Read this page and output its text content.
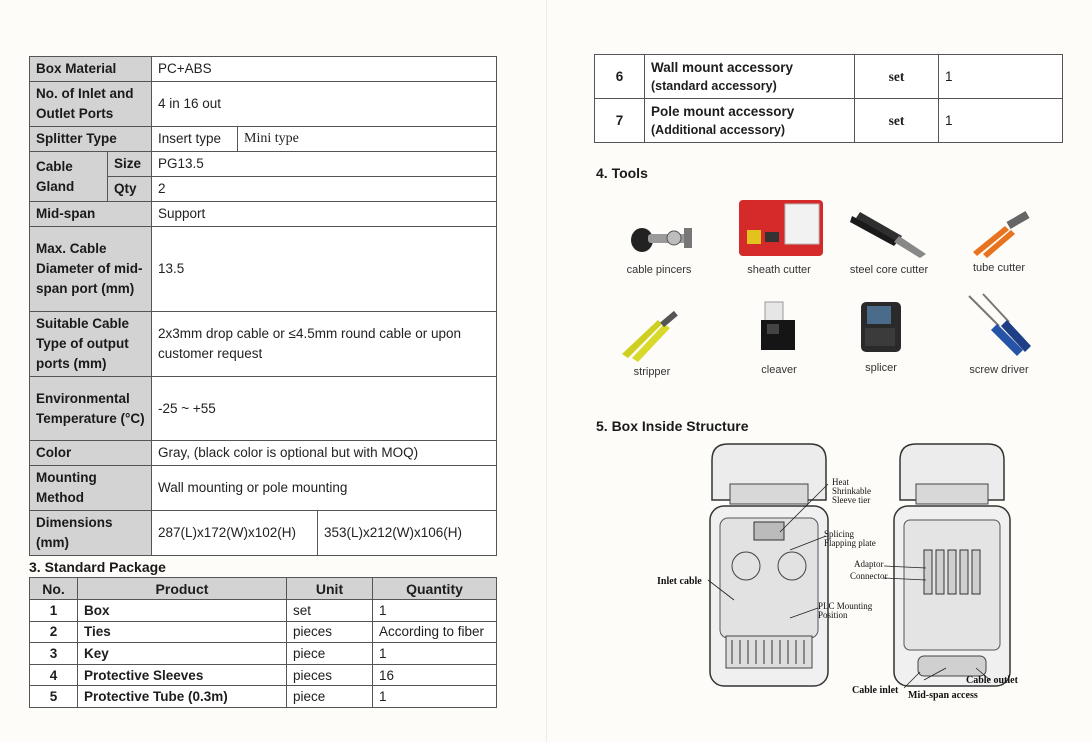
Box Material		PC+ABS		
No. of Inlet and Outlet Ports		4 in 16 out		
Splitter Type		Insert type	Mini type	
Cable Gland	Size	PG13.5		
	Qty	2		
Mid-span		Support		
Max. Cable Diameter of mid-span port (mm)		13.5		
Suitable Cable Type of output ports (mm)		2x3mm drop cable or ≤4.5mm round cable or upon customer request		
Environmental Temperature (°C)		-25 ~ +55		
Color		Gray, (black color is optional but with MOQ)		
Mounting Method		Wall mounting or pole mounting		
Dimensions (mm)		287(L)x172(W)x102(H)		353(L)x212(W)x106(H)
3. Standard Package
No.	Product	Unit	Quantity
1	Box	set	1
2	Ties	pieces	According to fiber
3	Key	piece	1
4	Protective Sleeves	pieces	16
5	Protective Tube (0.3m)	piece	1
6	Wall mount accessory
(standard accessory)	set	1
7	Pole mount accessory
(Additional accessory)	set	1
4. Tools
cable pincers	sheath cutter	steel core cutter	tube cutter
stripper	cleaver	splicer	screw driver
5. Box Inside Structure
Heat
Shrinkable
Sleeve tier
Splicing
Flapping plate
Adaptor
Connector
Inlet cable
PLC Mounting
Position
Cable inlet Mid-span access
Cable outlet
